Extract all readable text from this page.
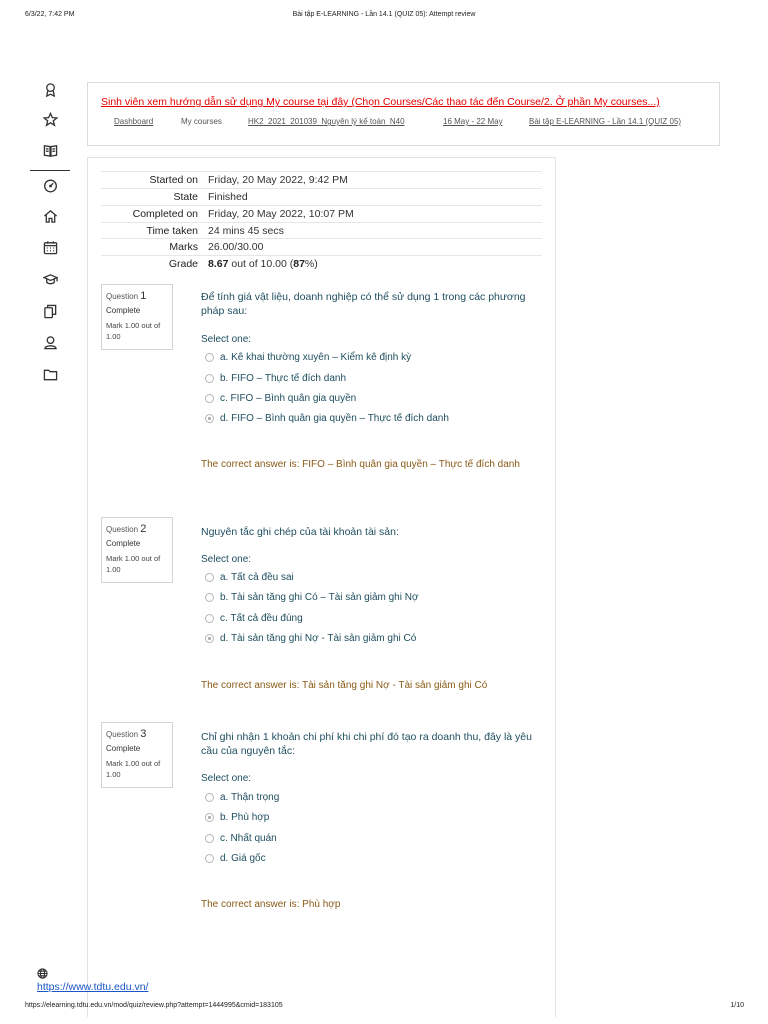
6/3/22, 7:42 PM	Bài tập E-LEARNING - Lần 14.1 (QUIZ 05): Attempt review
Sinh viên xem hướng dẫn sử dụng My course tại đây (Chọn Courses/Các thao tác đến Course/2. Ở phần My courses...)
Dashboard	My courses	HK2_2021_201039_Nguyên lý kế toán_N40	16 May - 22 May	Bài tập E-LEARNING - Lần 14.1 (QUIZ 05)
Started on Friday, 20 May 2022, 9:42 PM
State Finished
Completed on Friday, 20 May 2022, 10:07 PM
Time taken 24 mins 45 secs
Marks 26.00/30.00
Grade 8.67 out of 10.00 (87%)
Question 1
Complete
Mark 1.00 out of 1.00
Để tính giá vật liệu, doanh nghiệp có thể sử dụng 1 trong các phương pháp sau:
Select one:
a. Kê khai thường xuyên – Kiểm kê định kỳ
b. FIFO – Thực tế đích danh
c. FIFO – Bình quân gia quyền
d. FIFO – Bình quân gia quyền – Thực tế đích danh
The correct answer is: FIFO – Bình quân gia quyền – Thực tế đích danh
Question 2
Complete
Mark 1.00 out of 1.00
Nguyên tắc ghi chép của tài khoản tài sản:
Select one:
a. Tất cả đều sai
b. Tài sản tăng ghi Có – Tài sản giảm ghi Nợ
c. Tất cả đều đúng
d. Tài sản tăng ghi Nợ - Tài sản giảm ghi Có
The correct answer is: Tài sản tăng ghi Nợ - Tài sản giảm ghi Có
Question 3
Complete
Mark 1.00 out of 1.00
Chỉ ghi nhận 1 khoản chi phí khi chi phí đó tạo ra doanh thu, đây là yêu cầu của nguyên tắc:
Select one:
a. Thận trọng
b. Phù hợp
c. Nhất quán
d. Giá gốc
The correct answer is: Phù hợp
https://www.tdtu.edu.vn/
https://elearning.tdtu.edu.vn/mod/quiz/review.php?attempt=1444995&cmid=183105	1/10
